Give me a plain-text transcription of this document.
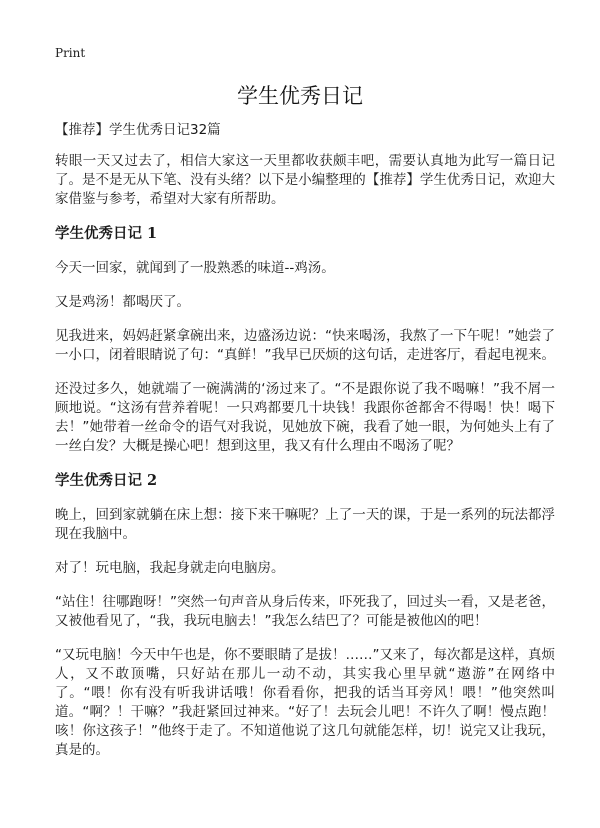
Print
学生优秀日记

【推荐】学生优秀日记32篇

转眼一天又过去了，相信大家这一天里都收获颇丰吧，需要认真地为此写一篇日记了。是不是无从下笔、没有头绪？以下是小编整理的【推荐】学生优秀日记，欢迎大家借鉴与参考，希望对大家有所帮助。

学生优秀日记 1

今天一回家，就闻到了一股熟悉的味道--鸡汤。

又是鸡汤！都喝厌了。

见我进来，妈妈赶紧拿碗出来，边盛汤边说：“快来喝汤，我熬了一下午呢！”她尝了一小口，闭着眼睛说了句：“真鲜！”我早已厌烦的这句话，走进客厅，看起电视来。

还没过多久，她就端了一碗满满的‘汤过来了。“不是跟你说了我不喝嘛！”我不屑一顾地说。“这汤有营养着呢！一只鸡都要几十块钱！我跟你爸都舍不得喝！快！喝下去！”她带着一丝命令的语气对我说，见她放下碗，我看了她一眼，为何她头上有了一丝白发？大概是操心吧！想到这里，我又有什么理由不喝汤了呢？

学生优秀日记 2

晚上，回到家就躺在床上想：接下来干嘛呢？上了一天的课，于是一系列的玩法都浮现在我脑中。

对了！玩电脑，我起身就走向电脑房。

“站住！往哪跑呀！”突然一句声音从身后传来，吓死我了，回过头一看，又是老爸，又被他看见了，“我，我玩电脑去！”我怎么结巴了？可能是被他凶的吧！

“又玩电脑！今天中午也是，你不要眼睛了是拔！……”又来了，每次都是这样，真烦人，又不敢顶嘴，只好站在那儿一动不动，其实我心里早就“遨游”在网络中了。“喂！你有没有听我讲话哦！你看看你，把我的话当耳旁风！喂！”他突然叫道。“啊？！干嘛？”我赶紧回过神来。“好了！去玩会儿吧！不许久了啊！慢点跑！咳！你这孩子！”他终于走了。不知道他说了这几句就能怎样，切！说完又让我玩，真是的。
